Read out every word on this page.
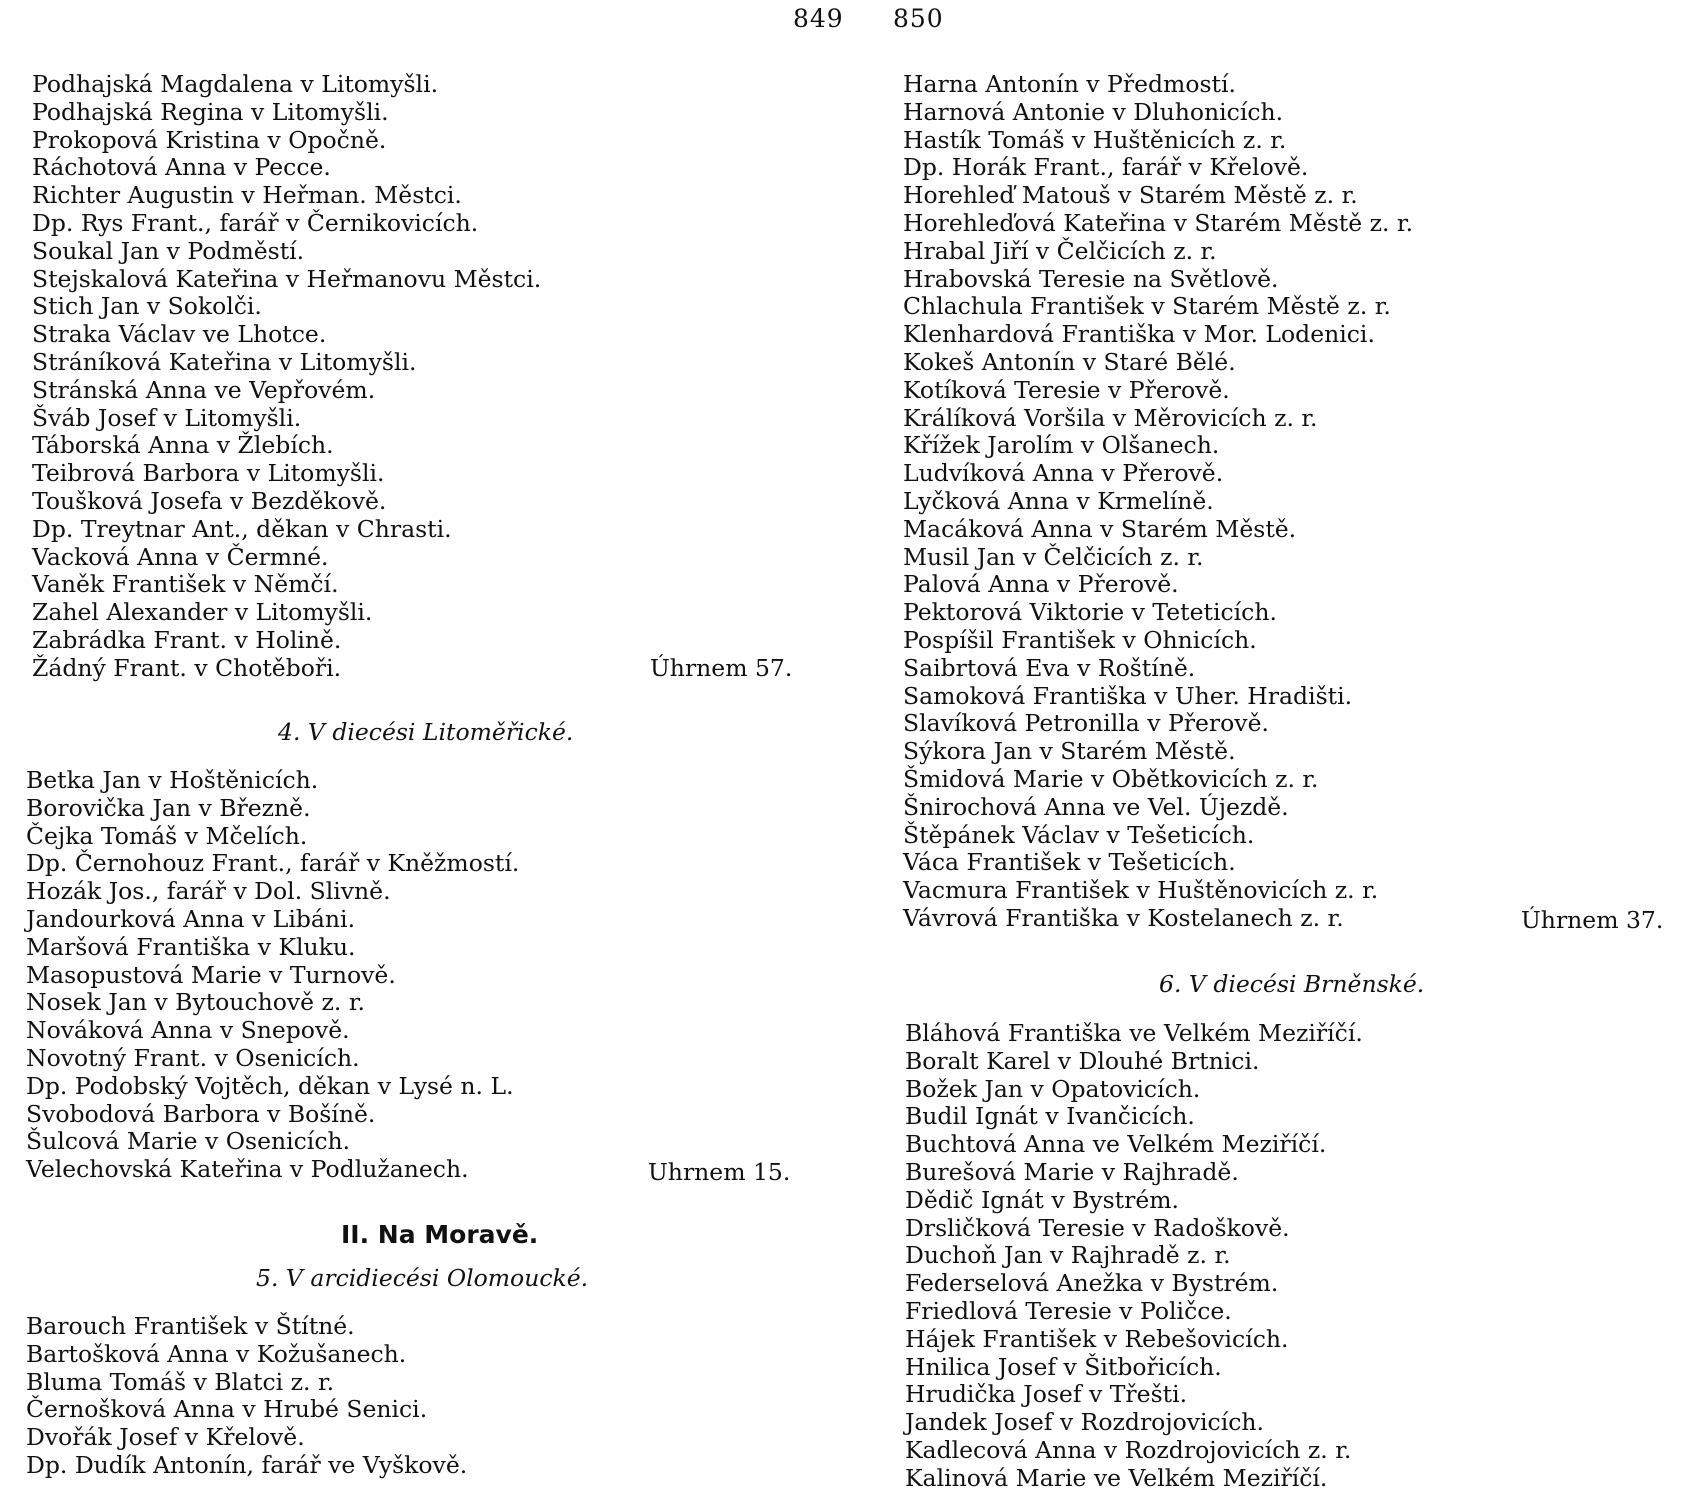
849 850
Podhajská Magdalena v Litomyšli.
Podhajská Regina v Litomyšli.
Prokopová Kristina v Opočně.
Ráchotová Anna v Pecce.
Richter Augustin v Heřman. Městci.
Dp. Rys Frant., farář v Černikovicích.
Soukal Jan v Podměstí.
Stejskalová Kateřina v Heřmanovu Městci.
Stich Jan v Sokolči.
Straka Václav ve Lhotce.
Stráníková Kateřina v Litomyšli.
Stránská Anna ve Vepřovém.
Šváb Josef v Litomyšli.
Táborská Anna v Žlebích.
Teibrová Barbora v Litomyšli.
Toušková Josefa v Bezděkově.
Dp. Treytnar Ant., děkan v Chrasti.
Vacková Anna v Čermné.
Vaněk František v Němčí.
Zahel Alexander v Litomyšli.
Zabrádka Frant. v Holině.
Žádný Frant. v Chotěboři.	Úhrnem 57.
4. V diecési Litoměřické.
Betka Jan v Hoštěnicích.
Borovička Jan v Březně.
Čejka Tomáš v Mčelích.
Dp. Černohouz Frant., farář v Kněžmostí.
Hozák Jos., farář v Dol. Slivně.
Jandourková Anna v Libáni.
Maršová Františka v Kluku.
Masopustová Marie v Turnově.
Nosek Jan v Bytouchově z. r.
Nováková Anna v Snepově.
Novotný Frant. v Osenicích.
Dp. Podobský Vojtěch, děkan v Lysé n. L.
Svobodová Barbora v Bošíně.
Šulcová Marie v Osenicích.
Velechovská Kateřina v Podlužanech.	Uhrnem 15.
II. Na Moravě.
5. V arcidiecési Olomoucké.
Barouch František v Štítné.
Bartošková Anna v Kožušanech.
Bluma Tomáš v Blatci z. r.
Černošková Anna v Hrubé Senici.
Dvořák Josef v Křelově.
Dp. Dudík Antonín, farář ve Vyškově.
Harna Antonín v Předmostí.
Harnová Antonie v Dluhonicích.
Hastík Tomáš v Huštěnicích z. r.
Dp. Horák Frant., farář v Křelově.
Horehleď Matouš v Starém Městě z. r.
Horehleďová Kateřina v Starém Městě z. r.
Hrabal Jiří v Čelčicích z. r.
Hrabovská Teresie na Světlově.
Chlachula František v Starém Městě z. r.
Klenhardová Františka v Mor. Lodenici.
Kokeš Antonín v Staré Bělé.
Kotíková Teresie v Přerově.
Králíková Voršila v Měrovicích z. r.
Křížek Jarolím v Olšanech.
Ludvíková Anna v Přerově.
Lyčková Anna v Krmelíně.
Macáková Anna v Starém Městě.
Musil Jan v Čelčicích z. r.
Palová Anna v Přerově.
Pektorová Viktorie v Teteticích.
Pospíšil František v Ohnicích.
Saibrtová Eva v Roštíně.
Samoková Františka v Uher. Hradišti.
Slavíková Petronilla v Přerově.
Sýkora Jan v Starém Městě.
Šmidová Marie v Obětkovicích z. r.
Šnirochová Anna ve Vel. Újezdě.
Štěpánek Václav v Tešeticích.
Váca František v Tešeticích.
Vacmura František v Huštěnovicích z. r.
Vávrová Františka v Kostelanech z. r.	Úhrnem 37.
6. V diecési Brněnské.
Bláhová Františka ve Velkém Meziříčí.
Boralt Karel v Dlouhé Brtnici.
Božek Jan v Opatovicích.
Budil Ignát v Ivančicích.
Buchtová Anna ve Velkém Meziříčí.
Burešová Marie v Rajhradě.
Dědič Ignát v Bystrém.
Drsličková Teresie v Radoškově.
Duchoň Jan v Rajhradě z. r.
Federselová Anežka v Bystrém.
Friedlová Teresie v Poličce.
Hájek František v Rebešovicích.
Hnilica Josef v Šitbořicích.
Hrudička Josef v Třešti.
Jandek Josef v Rozdrojovicích.
Kadlecová Anna v Rozdrojovicích z. r.
Kalinová Marie ve Velkém Meziříčí.
